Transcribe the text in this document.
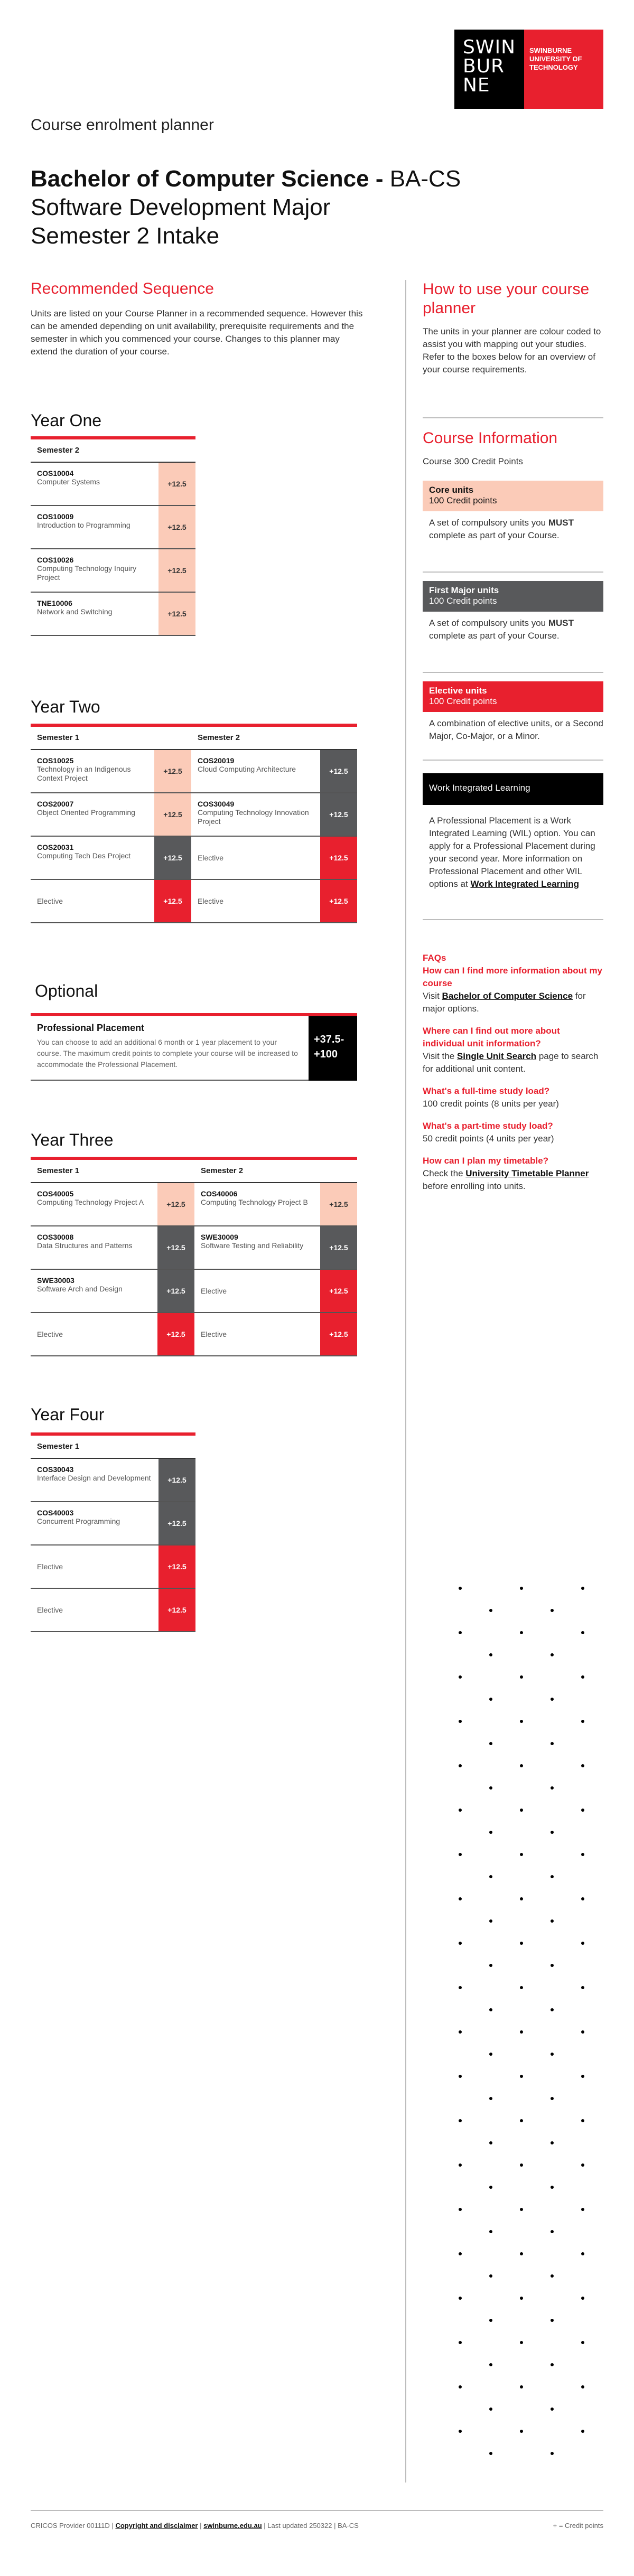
SWIN
BUR
NE
SWINBURNE
UNIVERSITY OF
TECHNOLOGY
Course enrolment planner
Bachelor of Computer Science - BA-CS
Software Development Major
Semester 2 Intake
Recommended Sequence
Units are listed on your Course Planner in a recommended sequence. However this can be amended depending on unit availability, prerequisite requirements and the semester in which you commenced your course. Changes to this planner may extend the duration of your course.
Year One
Semester 2
COS10004
Computer Systems	+12.5
COS10009
Introduction to Programming	+12.5
COS10026
Computing Technology Inquiry Project
+12.5
TNE10006
Network and Switching	+12.5
Year Two
Semester 1
COS10025
Technology in an Indigenous Context Project
+12.5
COS20007
Object Oriented Programming	+12.5
COS20031
Computing Tech Des Project	+12.5
Elective	+12.5
Semester 2
COS20019
Cloud Computing Architecture	+12.5
COS30049
Computing Technology Innovation Project
+12.5
Elective	+12.5
Elective	+12.5
Optional
Professional Placement
You can choose to add an additional 6 month or 1 year placement to your course. The maximum credit points to complete your course will be increased to accommodate the Professional Placement.
+37.5-
+100
Year Three
Semester 1
COS40005
Computing Technology Project A	+12.5
COS30008
Data Structures and Patterns	+12.5
SWE30003
Software Arch and Design	+12.5
Elective	+12.5
Semester 2
COS40006
Computing Technology Project B	+12.5
SWE30009
Software Testing and Reliability	+12.5
Elective	+12.5
Elective	+12.5
Year Four
Semester 1
COS30043
Interface Design and Development	+12.5
COS40003
Concurrent Programming	+12.5
Elective	+12.5
Elective	+12.5
How to use your course planner
The units in your planner are colour coded to assist you with mapping out your studies. Refer to the boxes below for an overview of your course requirements.
Course Information
Course 300 Credit Points
Core units
100 Credit points
A set of compulsory units you MUST complete as part of your Course.
First Major units
100 Credit points
A set of compulsory units you MUST complete as part of your Course.
Elective units
100 Credit points
A combination of elective units, or a Second Major, Co-Major, or a Minor.
Work Integrated Learning
A Professional Placement is a Work Integrated Learning (WIL) option. You can apply for a Professional Placement during your second year. More information on Professional Placement and other WIL options at Work Integrated Learning
FAQs
How can I find more information about my course
Visit Bachelor of Computer Science for major options.
Where can I find out more about individual unit information?
Visit the Single Unit Search page to search for additional unit content.
What's a full-time study load?
100 credit points (8 units per year)
What's a part-time study load?
50 credit points (4 units per year)
How can I plan my timetable?
Check the University Timetable Planner before enrolling into units.
CRICOS Provider 00111D | Copyright and disclaimer | swinburne.edu.au | Last updated 250322 | BA-CS	+ = Credit points
